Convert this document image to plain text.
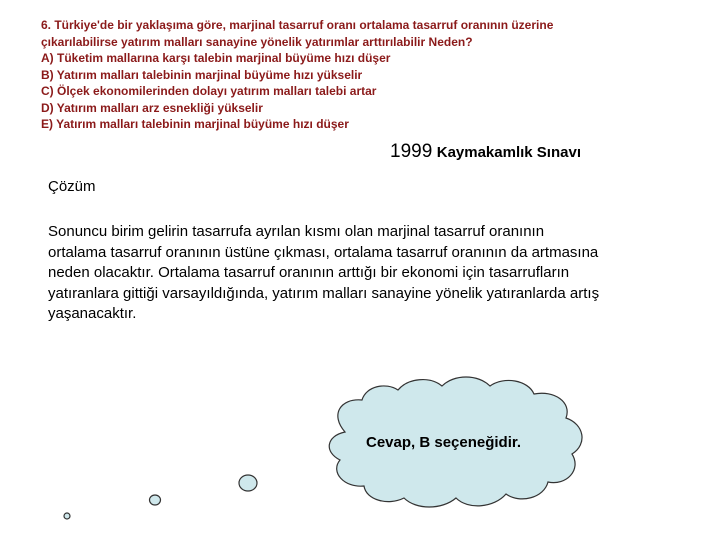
6. Türkiye'de bir yaklaşıma göre, marjinal tasarruf oranı ortalama tasarruf oranının üzerine
çıkarılabilirse yatırım malları sanayine yönelik yatırımlar arttırılabilir Neden?
A) Tüketim mallarına karşı talebin marjinal büyüme hızı düşer
B) Yatırım malları talebinin marjinal büyüme hızı yükselir
C) Ölçek ekonomilerinden dolayı yatırım malları talebi artar
D) Yatırım malları arz esnekliği yükselir
E) Yatırım malları talebinin marjinal büyüme hızı düşer
1999 Kaymakamlık Sınavı
Çözüm
Sonuncu birim gelirin tasarrufa ayrılan kısmı olan marjinal tasarruf oranının
ortalama tasarruf oranının üstüne çıkması, ortalama tasarruf oranının da artmasına
neden olacaktır. Ortalama tasarruf oranının arttığı bir ekonomi için tasarrufların
yatıranlara gittiği varsayıldığında, yatırım malları sanayine yönelik yatıranlarda artış
yaşanacaktır.
Cevap, B seçeneğidir.
